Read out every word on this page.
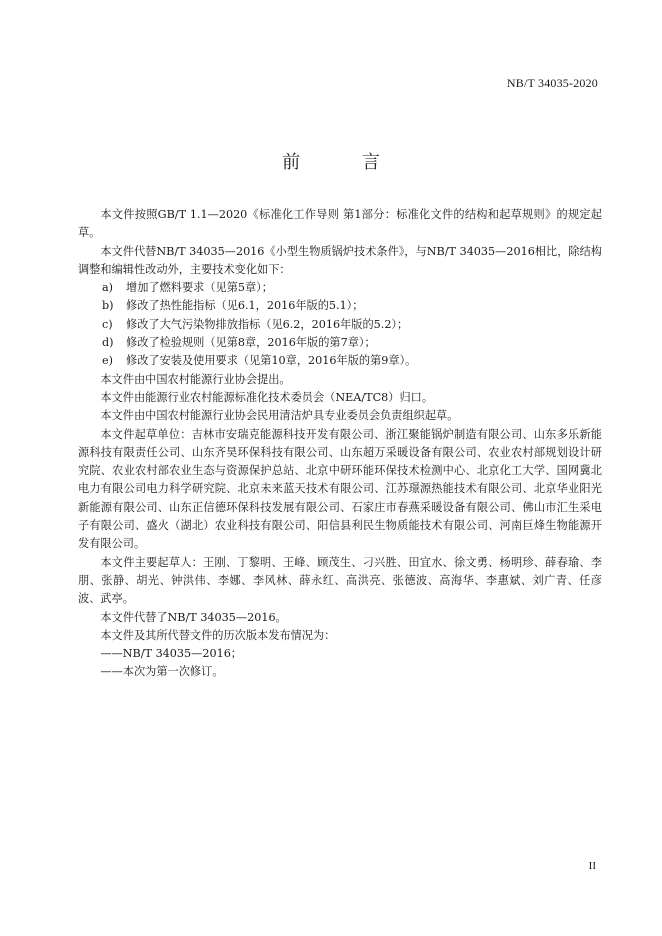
NB/T 34035-2020
前 言

本文件按照GB/T 1.1—2020《标准化工作导则 第1部分：标准化文件的结构和起草规则》的规定起草。

本文件代替NB/T 34035—2016《小型生物质锅炉技术条件》，与NB/T 34035—2016相比，除结构调整和编辑性改动外，主要技术变化如下：

a)	增加了燃料要求（见第5章）；
b)	修改了热性能指标（见6.1，2016年版的5.1）；
c)	修改了大气污染物排放指标（见6.2，2016年版的5.2）；
d)	修改了检验规则（见第8章，2016年版的第7章）；
e)	修改了安装及使用要求（见第10章，2016年版的第9章）。

本文件由中国农村能源行业协会提出。

本文件由能源行业农村能源标准化技术委员会（NEA/TC8）归口。

本文件由中国农村能源行业协会民用清洁炉具专业委员会负责组织起草。

本文件起草单位：吉林市安瑞克能源科技开发有限公司、浙江聚能锅炉制造有限公司、山东多乐新能源科技有限责任公司、山东齐昊环保科技有限公司、山东超万采暖设备有限公司、农业农村部规划设计研究院、农业农村部农业生态与资源保护总站、北京中研环能环保技术检测中心、北京化工大学、国网冀北电力有限公司电力科学研究院、北京未来蓝天技术有限公司、江苏璟源热能技术有限公司、北京华业阳光新能源有限公司、山东正信德环保科技发展有限公司、石家庄市春燕采暖设备有限公司、佛山市汇生采电子有限公司、盛火（湖北）农业科技有限公司、阳信县利民生物质能技术有限公司、河南巨烽生物能源开发有限公司。

本文件主要起草人：王刚、丁黎明、王峰、顾茂生、刁兴胜、田宜水、徐文勇、杨明珍、薛春瑜、李朋、张静、胡光、钟洪伟、李娜、李风林、薛永红、高洪亮、张德波、高海华、李惠斌、刘广青、任彦波、武亭。

本文件代替了NB/T 34035—2016。

本文件及其所代替文件的历次版本发布情况为：

——NB/T 34035—2016；

——本次为第一次修订。

II
